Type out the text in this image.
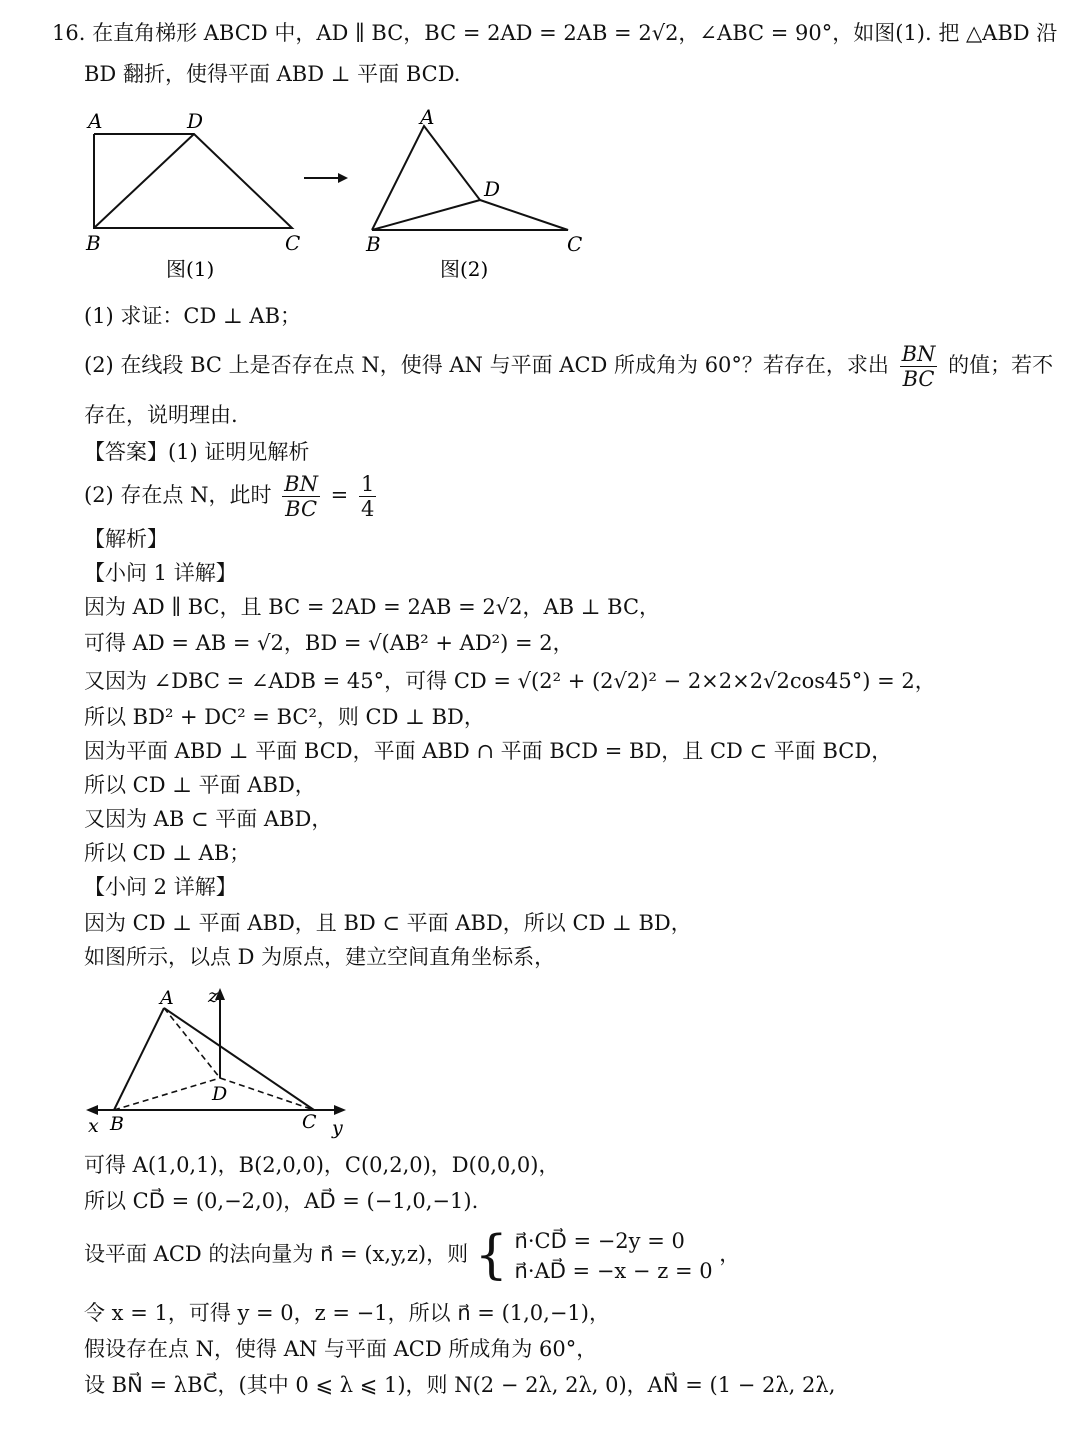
16. 在直角梯形 ABCD 中，AD ∥ BC，BC = 2AD = 2AB = 2√2，∠ABC = 90°，如图(1). 把 △ABD 沿
BD 翻折，使得平面 ABD ⊥ 平面 BCD.
A	D
B	C
图(1)
A
D
B	C
图(2)
(1) 求证：CD ⊥ AB；
(2) 在线段 BC 上是否存在点 N，使得 AN 与平面 ACD 所成角为 60°？若存在，求出 $\frac{BN}{BC}$ 的值；若不
存在，说明理由.
【答案】(1) 证明见解析
(2) 存在点 N，此时 $\frac{BN}{BC} = \frac{1}{4}$
【解析】
【小问 1 详解】
因为 AD ∥ BC，且 BC = 2AD = 2AB = 2√2，AB ⊥ BC，
可得 AD = AB = √2，BD = √(AB² + AD²) = 2，
又因为 ∠DBC = ∠ADB = 45°，可得 CD = √(2² + (2√2)² − 2×2×2√2cos45°) = 2，
所以 BD² + DC² = BC²，则 CD ⊥ BD，
因为平面 ABD ⊥ 平面 BCD，平面 ABD ∩ 平面 BCD = BD，且 CD ⊂ 平面 BCD，
所以 CD ⊥ 平面 ABD，
又因为 AB ⊂ 平面 ABD，
所以 CD ⊥ AB；
【小问 2 详解】
因为 CD ⊥ 平面 ABD，且 BD ⊂ 平面 ABD，所以 CD ⊥ BD，
如图所示，以点 D 为原点，建立空间直角坐标系，
A
D
B	C
x	y
z
可得 A(1,0,1)，B(2,0,0)，C(0,2,0)，D(0,0,0)，
所以 CD⃗ = (0,−2,0)，AD⃗ = (−1,0,−1).
设平面 ACD 的法向量为 n⃗ = (x,y,z)，则 { n⃗·CD⃗ = −2y = 0
n⃗·AD⃗ = −x − z = 0
，
令 x = 1，可得 y = 0，z = −1，所以 n⃗ = (1,0,−1)，
假设存在点 N，使得 AN 与平面 ACD 所成角为 60°，
设 BN⃗ = λBC⃗，(其中 0 ⩽ λ ⩽ 1)，则 N(2 − 2λ, 2λ, 0)，AN⃗ = (1 − 2λ, 2λ,
